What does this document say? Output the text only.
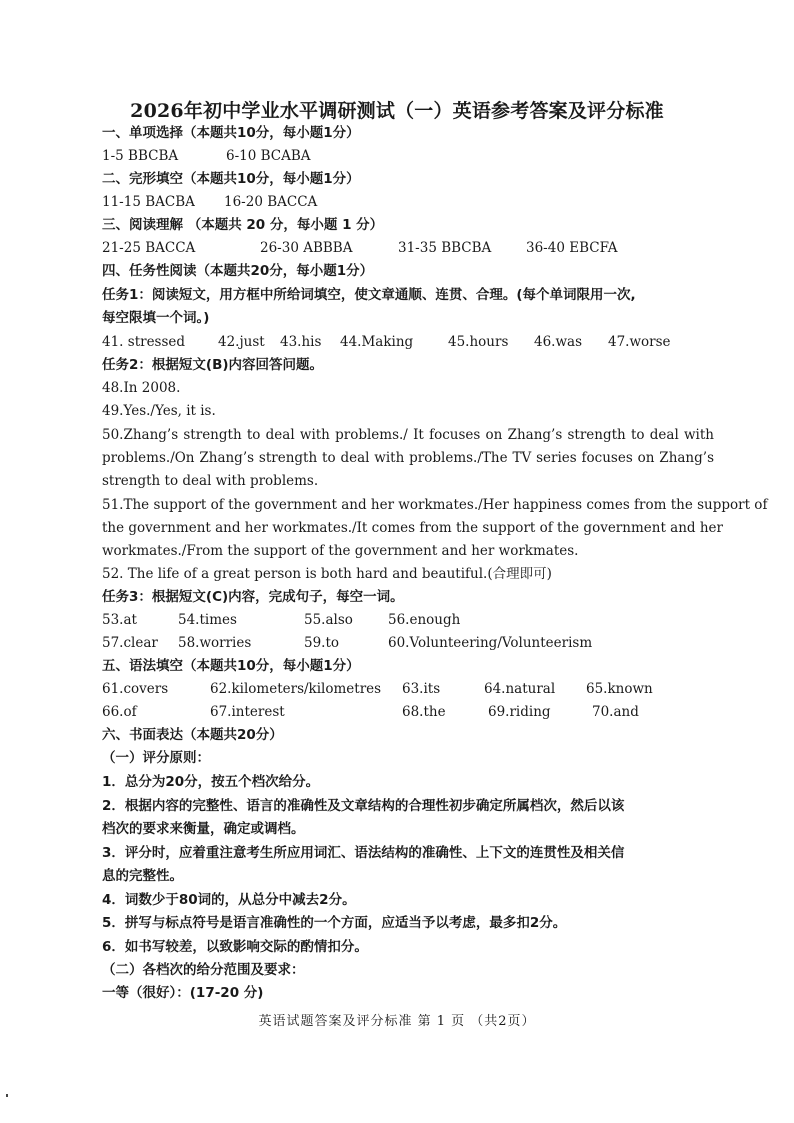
2026年初中学业水平调研测试（一）英语参考答案及评分标准
一、单项选择（本题共10分，每小题1分）
1-5 BBCBA	6-10 BCABA
二、完形填空（本题共10分，每小题1分）
11-15 BACBA 16-20 BACCA
三、阅读理解 （本题共 20 分，每小题 1 分）
21-25 BACCA	26-30 ABBBA	31-35 BBCBA	36-40 EBCFA
四、任务性阅读（本题共20分，每小题1分）
任务1：阅读短文，用方框中所给词填空，使文章通顺、连贯、合理。(每个单词限用一次,
每空限填一个词。)
41. stressed 42.just 43.his 44.Making	45.hours 46.was 47.worse
任务2：根据短文(B)内容回答问题。
48.In 2008.
49.Yes./Yes, it is.
50.Zhang’s strength to deal with problems./ It focuses on Zhang’s strength to deal with
problems./On Zhang’s strength to deal with problems./The TV series focuses on Zhang’s
strength to deal with problems.
51.The support of the government and her workmates./Her happiness comes from the support of
the government and her workmates./It comes from the support of the government and her
workmates./From the support of the government and her workmates.
52. The life of a great person is both hard and beautiful.(合理即可)
任务3：根据短文(C)内容，完成句子，每空一词。
53.at	54.times	55.also	56.enough
57.clear 58.worries	59.to	60.Volunteering/Volunteerism
五、语法填空（本题共10分，每小题1分）
61.covers	62.kilometers/kilometres 63.its	64.natural 65.known
66.of	67.interest	68.the	69.riding	70.and
六、书面表达（本题共20分）
（一）评分原则：
1．总分为20分，按五个档次给分。
2．根据内容的完整性、语言的准确性及文章结构的合理性初步确定所属档次，然后以该
档次的要求来衡量，确定或调档。
3．评分时，应着重注意考生所应用词汇、语法结构的准确性、上下文的连贯性及相关信
息的完整性。
4．词数少于80词的，从总分中减去2分。
5．拼写与标点符号是语言准确性的一个方面，应适当予以考虑，最多扣2分。
6．如书写较差，以致影响交际的酌情扣分。
（二）各档次的给分范围及要求：
一等（很好）：(17-20 分)
英语试题答案及评分标准 第 1 页 （共2页）
